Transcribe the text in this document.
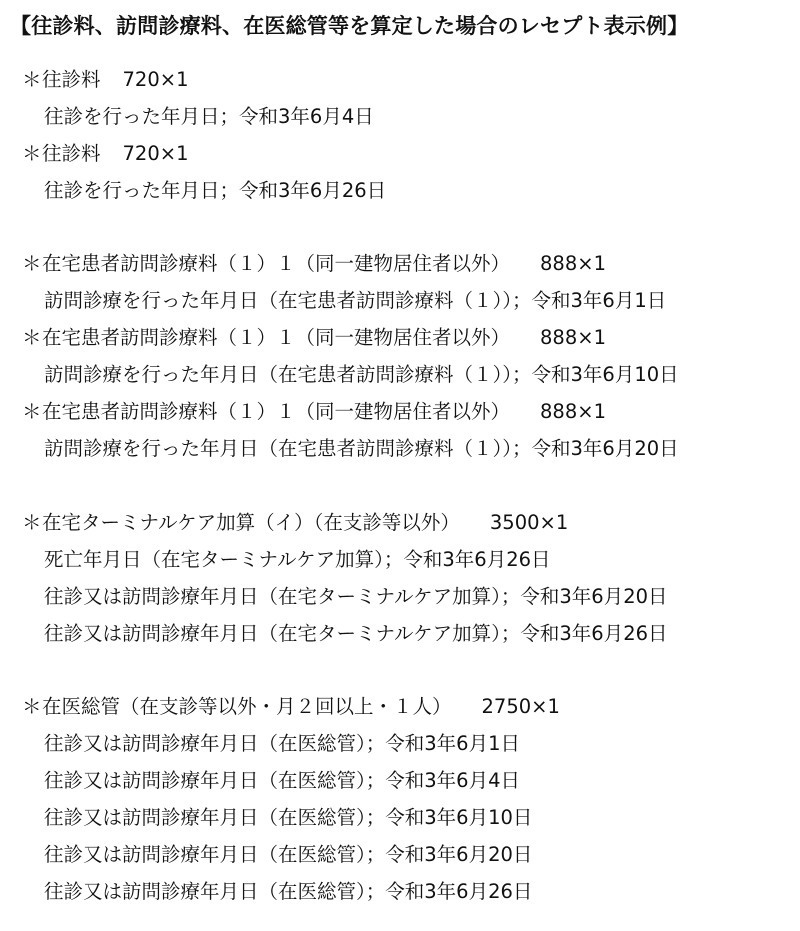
【往診料、訪問診療料、在医総管等を算定した場合のレセプト表示例】
＊往診料 720×1
往診を行った年月日；令和3年6月4日
＊往診料 720×1
往診を行った年月日；令和3年6月26日
＊在宅患者訪問診療料（１）１（同一建物居住者以外） 888×1
訪問診療を行った年月日（在宅患者訪問診療料（１））；令和3年6月1日
＊在宅患者訪問診療料（１）１（同一建物居住者以外） 888×1
訪問診療を行った年月日（在宅患者訪問診療料（１））；令和3年6月10日
＊在宅患者訪問診療料（１）１（同一建物居住者以外） 888×1
訪問診療を行った年月日（在宅患者訪問診療料（１））；令和3年6月20日
＊在宅ターミナルケア加算（イ）（在支診等以外） 3500×1
死亡年月日（在宅ターミナルケア加算）；令和3年6月26日
往診又は訪問診療年月日（在宅ターミナルケア加算）；令和3年6月20日
往診又は訪問診療年月日（在宅ターミナルケア加算）；令和3年6月26日
＊在医総管（在支診等以外・月２回以上・１人） 2750×1
往診又は訪問診療年月日（在医総管）；令和3年6月1日
往診又は訪問診療年月日（在医総管）；令和3年6月4日
往診又は訪問診療年月日（在医総管）；令和3年6月10日
往診又は訪問診療年月日（在医総管）；令和3年6月20日
往診又は訪問診療年月日（在医総管）；令和3年6月26日
